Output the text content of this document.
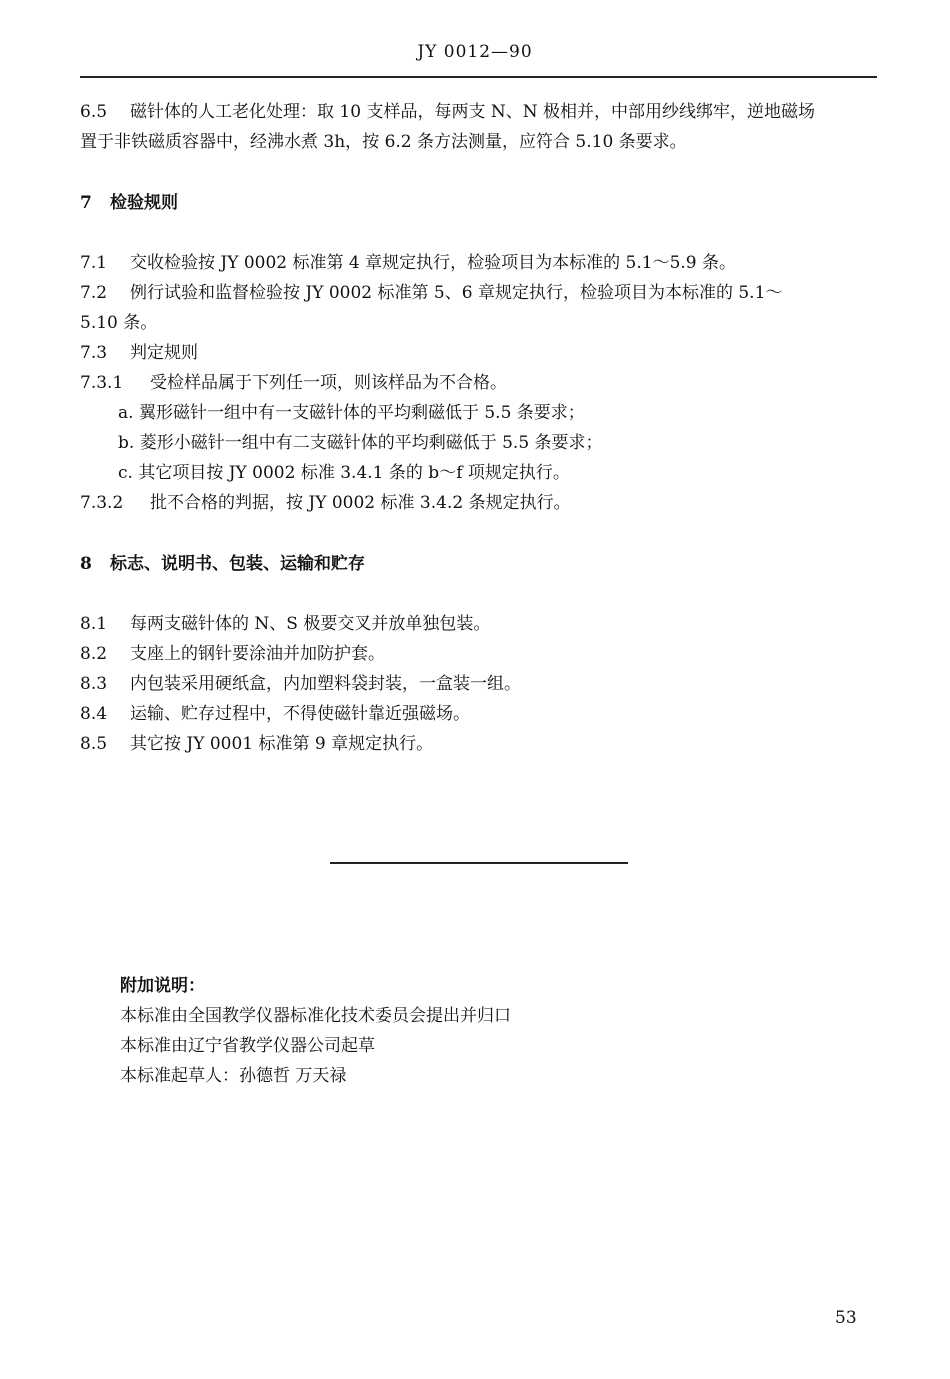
JY 0012—90
6.5 磁针体的人工老化处理：取 10 支样品，每两支 N、N 极相并，中部用纱线绑牢，逆地磁场
置于非铁磁质容器中，经沸水煮 3h，按 6.2 条方法测量，应符合 5.10 条要求。
7 检验规则
7.1 交收检验按 JY 0002 标准第 4 章规定执行，检验项目为本标准的 5.1～5.9 条。
7.2 例行试验和监督检验按 JY 0002 标准第 5、6 章规定执行，检验项目为本标准的 5.1～
5.10 条。
7.3 判定规则
7.3.1 受检样品属于下列任一项，则该样品为不合格。
a. 翼形磁针一组中有一支磁针体的平均剩磁低于 5.5 条要求；
b. 菱形小磁针一组中有二支磁针体的平均剩磁低于 5.5 条要求；
c. 其它项目按 JY 0002 标准 3.4.1 条的 b～f 项规定执行。
7.3.2 批不合格的判据，按 JY 0002 标准 3.4.2 条规定执行。
8 标志、说明书、包装、运输和贮存
8.1 每两支磁针体的 N、S 极要交叉并放单独包装。
8.2 支座上的钢针要涂油并加防护套。
8.3 内包装采用硬纸盒，内加塑料袋封装，一盒装一组。
8.4 运输、贮存过程中，不得使磁针靠近强磁场。
8.5 其它按 JY 0001 标准第 9 章规定执行。
附加说明：
本标准由全国教学仪器标准化技术委员会提出并归口
本标准由辽宁省教学仪器公司起草
本标准起草人：孙德哲 万天禄
53
